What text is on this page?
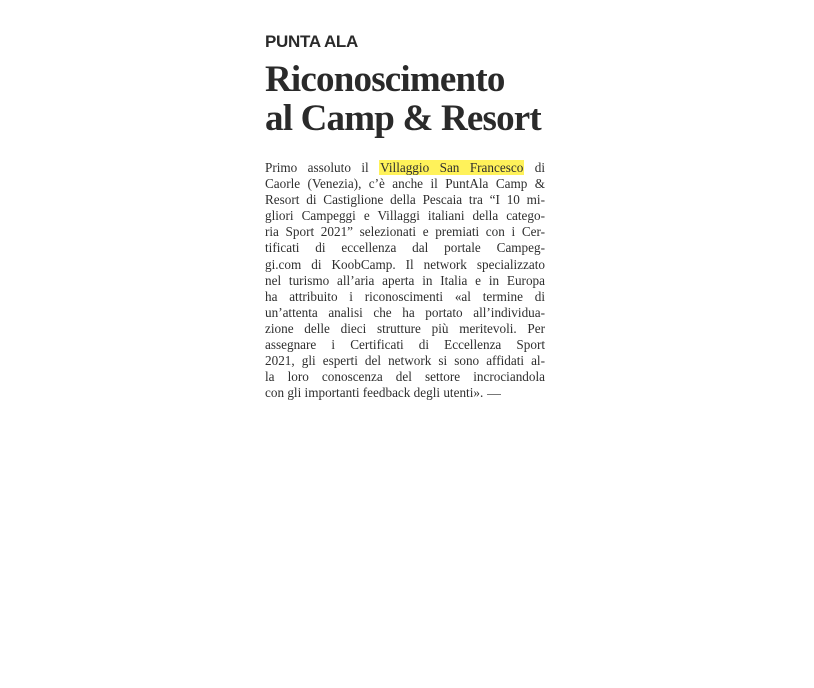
PUNTA ALA
Riconoscimento
al Camp & Resort
Primo assoluto il Villaggio San Francesco di
Caorle (Venezia), c’è anche il PuntAla Camp &
Resort di Castiglione della Pescaia tra “I 10 mi-
gliori Campeggi e Villaggi italiani della catego-
ria Sport 2021” selezionati e premiati con i Cer-
tificati di eccellenza dal portale Campeg-
gi.com di KoobCamp. Il network specializzato
nel turismo all’aria aperta in Italia e in Europa
ha attribuito i riconoscimenti «al termine di
un’attenta analisi che ha portato all’individua-
zione delle dieci strutture più meritevoli. Per
assegnare i Certificati di Eccellenza Sport
2021, gli esperti del network si sono affidati al-
la loro conoscenza del settore incrociandola
con gli importanti feedback degli utenti».
